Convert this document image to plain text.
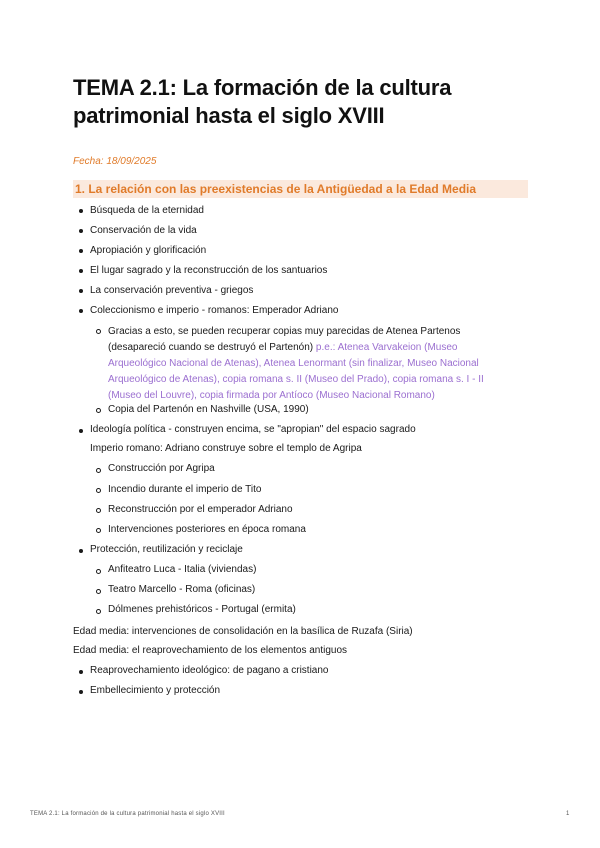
TEMA 2.1: La formación de la cultura patrimonial hasta el siglo XVIII
Fecha: 18/09/2025
1. La relación con las preexistencias de la Antigüedad a la Edad Media
Búsqueda de la eternidad
Conservación de la vida
Apropiación y glorificación
El lugar sagrado y la reconstrucción de los santuarios
La conservación preventiva - griegos
Coleccionismo e imperio - romanos: Emperador Adriano
Gracias a esto, se pueden recuperar copias muy parecidas de Atenea Partenos (desapareció cuando se destruyó el Partenón) p.e.: Atenea Varvakeion (Museo Arqueológico Nacional de Atenas), Atenea Lenormant (sin finalizar, Museo Nacional Arqueológico de Atenas), copia romana s. II (Museo del Prado), copia romana s. I - II (Museo del Louvre), copia firmada por Antíoco (Museo Nacional Romano)
Copia del Partenón en Nashville (USA, 1990)
Ideología política - construyen encima, se "apropian" del espacio sagrado
Imperio romano: Adriano construye sobre el templo de Agripa
Construcción por Agripa
Incendio durante el imperio de Tito
Reconstrucción por el emperador Adriano
Intervenciones posteriores en época romana
Protección, reutilización y reciclaje
Anfiteatro Luca - Italia (viviendas)
Teatro Marcello - Roma (oficinas)
Dólmenes prehistóricos - Portugal (ermita)
Edad media: intervenciones de consolidación en la basílica de Ruzafa (Siria)
Edad media: el reaprovechamiento de los elementos antiguos
Reaprovechamiento ideológico: de pagano a cristiano
Embellecimiento y protección
TEMA 2.1: La formación de la cultura patrimonial hasta el siglo XVIII	1
